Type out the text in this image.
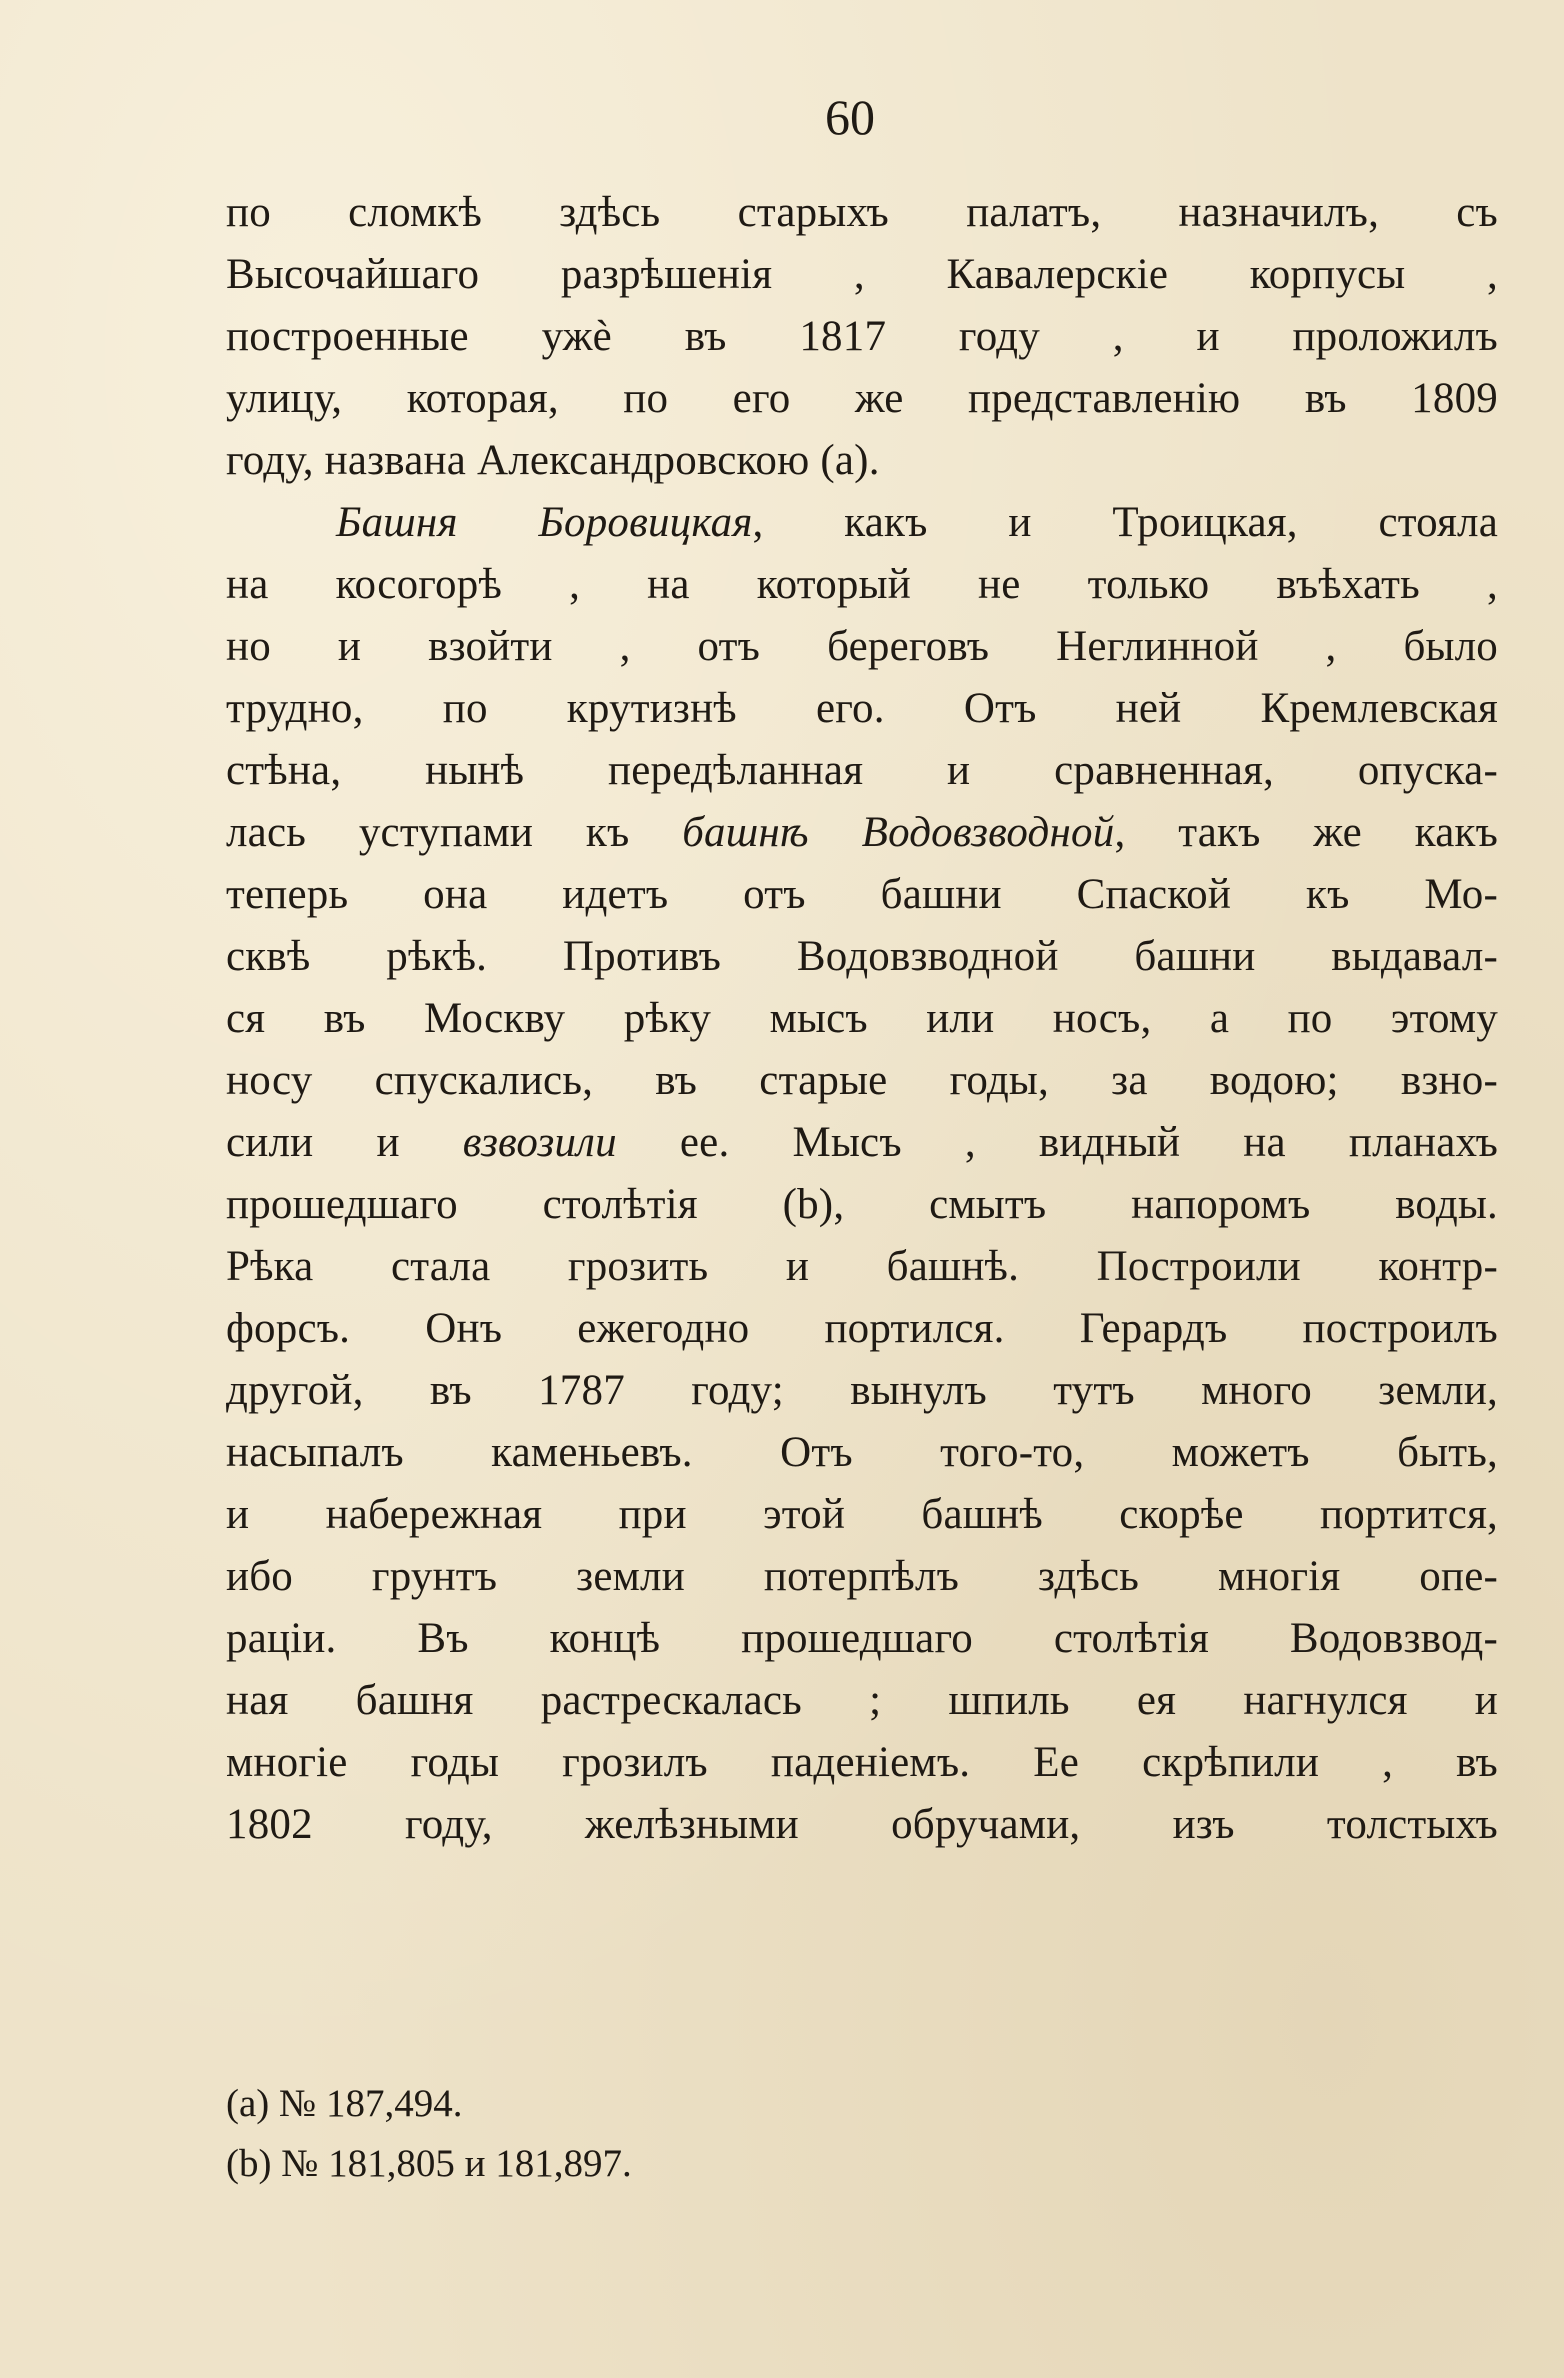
60
по сломкѣ здѣсь старыхъ палатъ, назначилъ, съ
Высочайшаго разрѣшенія , Кавалерскіе корпусы ,
построенные ужè въ 1817 году , и проложилъ
улицу, которая, по его же представленію въ 1809
году, названа Александровскою (a).
Башня Боровицкая, какъ и Троицкая, стояла
на косогорѣ , на который не только въѣхать ,
но и взойти , отъ береговъ Неглинной , было
трудно, по крутизнѣ его. Отъ ней Кремлевская
стѣна, нынѣ передѣланная и сравненная, опуска-
лась уступами къ башнѣ Водовзводной, такъ же какъ
теперь она идетъ отъ башни Спаской къ Мо-
сквѣ рѣкѣ. Противъ Водовзводной башни выдавал-
ся въ Москву рѣку мысъ или носъ, а по этому
носу спускались, въ старые годы, за водою; взно-
сили и взвозили ее. Мысъ , видный на планахъ
прошедшаго столѣтія (b), смытъ напоромъ воды.
Рѣка стала грозить и башнѣ. Построили контр-
форсъ. Онъ ежегодно портился. Герардъ построилъ
другой, въ 1787 году; вынулъ тутъ много земли,
насыпалъ каменьевъ. Отъ того-то, можетъ быть,
и набережная при этой башнѣ скорѣе портится,
ибо грунтъ земли потерпѣлъ здѣсь многія опе-
раціи. Въ концѣ прошедшаго столѣтія Водовзвод-
ная башня растрескалась ; шпиль ея нагнулся и
многіе годы грозилъ паденіемъ. Ее скрѣпили , въ
1802 году, желѣзными обручами, изъ толстыхъ
(a) № 187,494.
(b) № 181,805 и 181,897.
